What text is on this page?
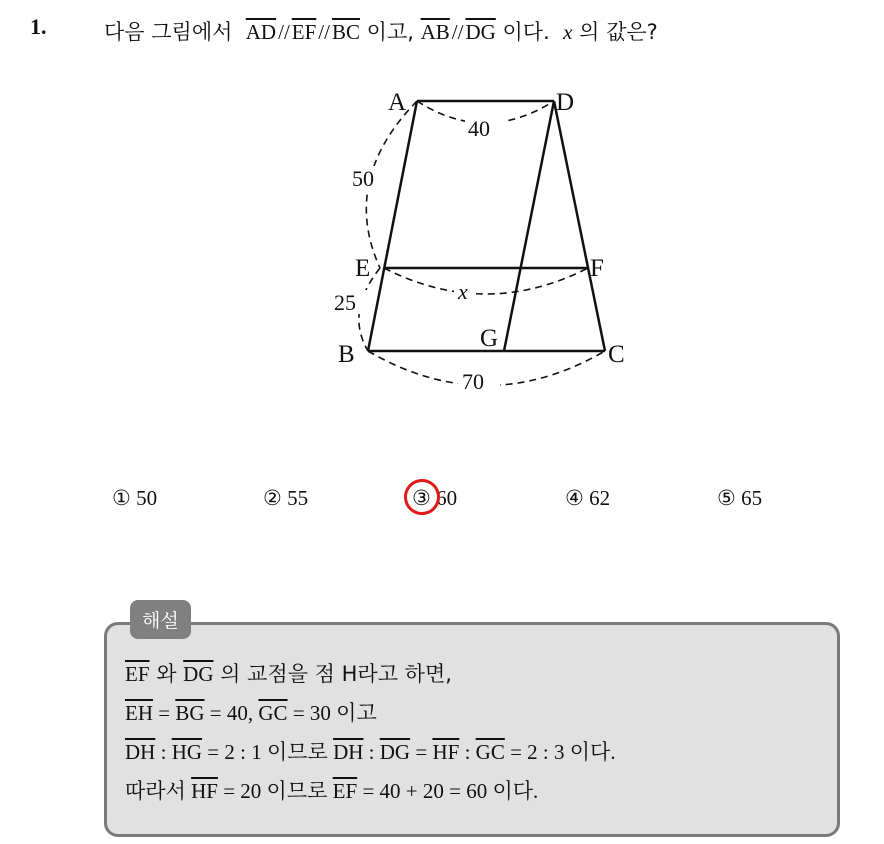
1.	다음 그림에서 $\overline{AD}//\overline{EF}//\overline{BC}$ 이고, $\overline{AB}//\overline{DG}$ 이다. x 의 값은?
40
50
25
70
x
A	D
E	F
B
G
C
① 50	② 55	③ 60	④ 62	⑤ 65
해설
$\overline{EF}$ 와 $\overline{DG}$ 의 교점을 점 H라고 하면,
$\overline{EH} = \overline{BG} = 40$, $\overline{GC} = 30$ 이고
$\overline{DH}$ : $\overline{HG} = 2$ : 1 이므로 $\overline{DH}$ : $\overline{DG} = \overline{HF}$ : $\overline{GC} = 2$ : 3 이다.
따라서 $\overline{HF} = 20$ 이므로 $\overline{EF} = 40 + 20 = 60$ 이다.
